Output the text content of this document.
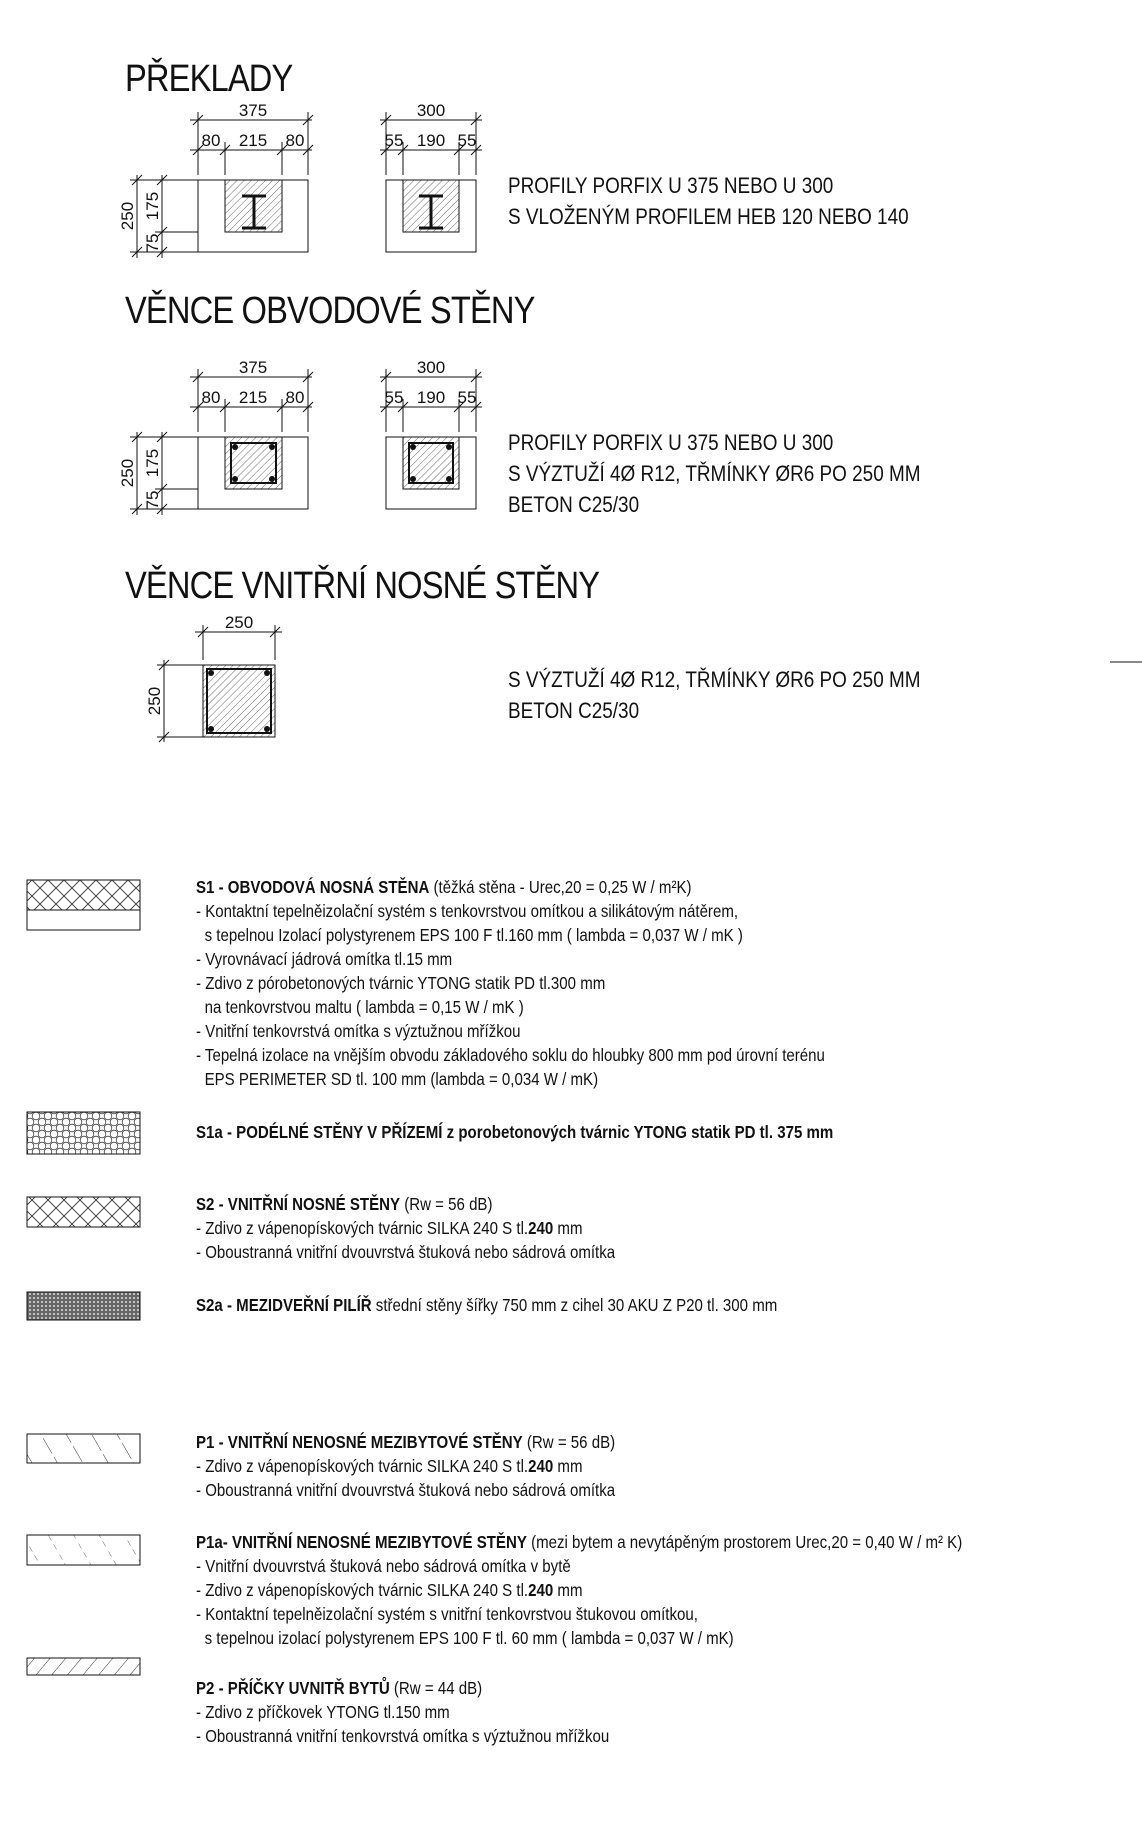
PŘEKLADY
VĚNCE OBVODOVÉ STĚNY
VĚNCE VNITŘNÍ NOSNÉ STĚNY
PROFILY PORFIX U 375 NEBO U 300
S VLOŽENÝM PROFILEM HEB 120 NEBO 140
PROFILY PORFIX U 375 NEBO U 300
S VÝZTUŽÍ 4Ø R12, TŘMÍNKY ØR6 PO 250 MM
BETON C25/30
S VÝZTUŽÍ 4Ø R12, TŘMÍNKY ØR6 PO 250 MM
BETON C25/30
375
80 215 80
300
55 190 55
250 175
75
375
80 215 80
300
55 190 55
250 175
75
250
250
S1 - OBVODOVÁ NOSNÁ STĚNA (těžká stěna - Urec,20 = 0,25 W / m²K)
- Kontaktní tepelněizolační systém s tenkovrstvou omítkou a silikátovým nátěrem,
s tepelnou Izolací polystyrenem EPS 100 F tl.160 mm ( lambda = 0,037 W / mK )
- Vyrovnávací jádrová omítka tl.15 mm
- Zdivo z pórobetonových tvárnic YTONG statik PD tl.300 mm
na tenkovrstvou maltu ( lambda = 0,15 W / mK )
- Vnitřní tenkovrstvá omítka s výztužnou mřížkou
- Tepelná izolace na vnějším obvodu základového soklu do hloubky 800 mm pod úrovní terénu
EPS PERIMETER SD tl. 100 mm (lambda = 0,034 W / mK)
S1a - PODÉLNÉ STĚNY V PŘÍZEMÍ z porobetonových tvárnic YTONG statik PD tl. 375 mm
S2 - VNITŘNÍ NOSNÉ STĚNY (Rw = 56 dB)
- Zdivo z vápenopískových tvárnic SILKA 240 S tl.240 mm
- Oboustranná vnitřní dvouvrstvá štuková nebo sádrová omítka
S2a - MEZIDVEŘNÍ PILÍŘ střední stěny šířky 750 mm z cihel 30 AKU Z P20 tl. 300 mm
P1 - VNITŘNÍ NENOSNÉ MEZIBYTOVÉ STĚNY (Rw = 56 dB)
- Zdivo z vápenopískových tvárnic SILKA 240 S tl.240 mm
- Oboustranná vnitřní dvouvrstvá štuková nebo sádrová omítka
P1a- VNITŘNÍ NENOSNÉ MEZIBYTOVÉ STĚNY (mezi bytem a nevytápěným prostorem Urec,20 = 0,40 W / m² K)
- Vnitřní dvouvrstvá štuková nebo sádrová omítka v bytě
- Zdivo z vápenopískových tvárnic SILKA 240 S tl.240 mm
- Kontaktní tepelněizolační systém s vnitřní tenkovrstvou štukovou omítkou,
s tepelnou izolací polystyrenem EPS 100 F tl. 60 mm ( lambda = 0,037 W / mK)
P2 - PŘÍČKY UVNITŘ BYTŮ (Rw = 44 dB)
- Zdivo z příčkovek YTONG tl.150 mm
- Oboustranná vnitřní tenkovrstvá omítka s výztužnou mřížkou
